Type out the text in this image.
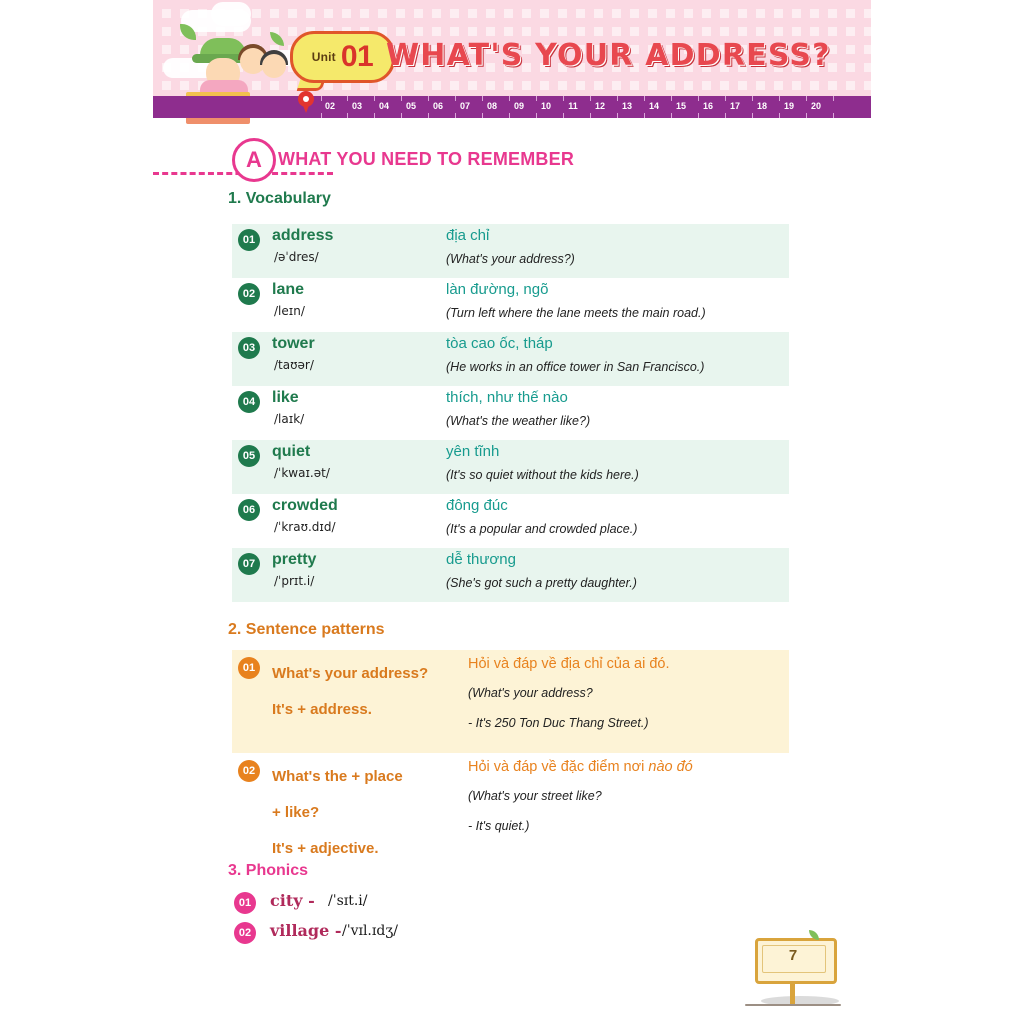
Unit 01 WHAT'S YOUR ADDRESS?
02	03	04	05	06	07	08	09	10	11	12	13	14	15	16	17	18	19	20
A WHAT YOU NEED TO REMEMBER
1. Vocabulary
01	address
/əˈdres/
địa chỉ
(What's your address?)
02	lane
/leɪn/
làn đường, ngõ
(Turn left where the lane meets the main road.)
03	tower
/taʊər/
tòa cao ốc, tháp
(He works in an office tower in San Francisco.)
04	like
/laɪk/
thích, như thế nào
(What's the weather like?)
05	quiet
/ˈkwaɪ.ət/
yên tĩnh
(It's so quiet without the kids here.)
06	crowded
/ˈkraʊ.dɪd/
đông đúc
(It's a popular and crowded place.)
07	pretty
/ˈprɪt.i/
dễ thương
(She's got such a pretty daughter.)
2. Sentence patterns
01	What's your address?
It's + address.
Hỏi và đáp về địa chỉ của ai đó.
(What's your address?
- It's 250 Ton Duc Thang Street.)
02	What's the + place
+ like?
It's + adjective.
Hỏi và đáp về đặc điểm nơi nào đó
(What's your street like?
- It's quiet.)
3. Phonics
01	city - /ˈsɪt.i/
02	village - /ˈvɪl.ɪdʒ/
7
